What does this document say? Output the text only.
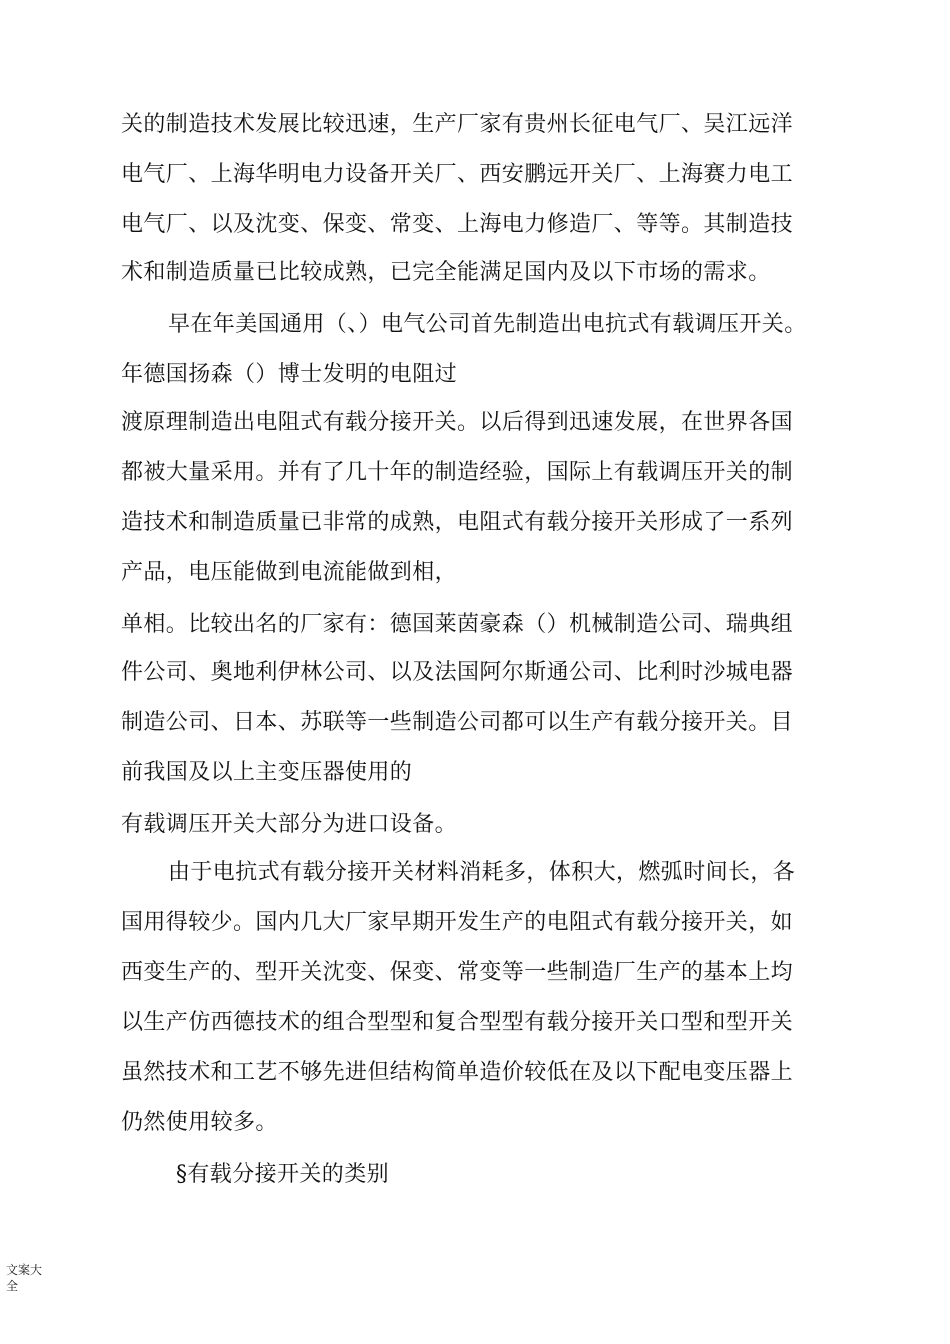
关的制造技术发展比较迅速，生产厂家有贵州长征电气厂、吴江远洋
电气厂、上海华明电力设备开关厂、西安鹏远开关厂、上海赛力电工
电气厂、以及沈变、保变、常变、上海电力修造厂、等等。其制造技
术和制造质量已比较成熟，已完全能满足国内及以下市场的需求。
早在年美国通用（、）电气公司首先制造出电抗式有载调压开关。
年德国扬森（）博士发明的电阻过
渡原理制造出电阻式有载分接开关。以后得到迅速发展，在世界各国
都被大量采用。并有了几十年的制造经验，国际上有载调压开关的制
造技术和制造质量已非常的成熟，电阻式有载分接开关形成了一系列
产品，电压能做到电流能做到相，
单相。比较出名的厂家有：德国莱茵豪森（）机械制造公司、瑞典组
件公司、奥地利伊林公司、以及法国阿尔斯通公司、比利时沙城电器
制造公司、日本、苏联等一些制造公司都可以生产有载分接开关。目
前我国及以上主变压器使用的
有载调压开关大部分为进口设备。
由于电抗式有载分接开关材料消耗多，体积大，燃弧时间长，各
国用得较少。国内几大厂家早期开发生产的电阻式有载分接开关，如
西变生产的、型开关沈变、保变、常变等一些制造厂生产的基本上均
以生产仿西德技术的组合型型和复合型型有载分接开关口型和型开关
虽然技术和工艺不够先进但结构简单造价较低在及以下配电变压器上
仍然使用较多。
§有载分接开关的类别
文案大全
